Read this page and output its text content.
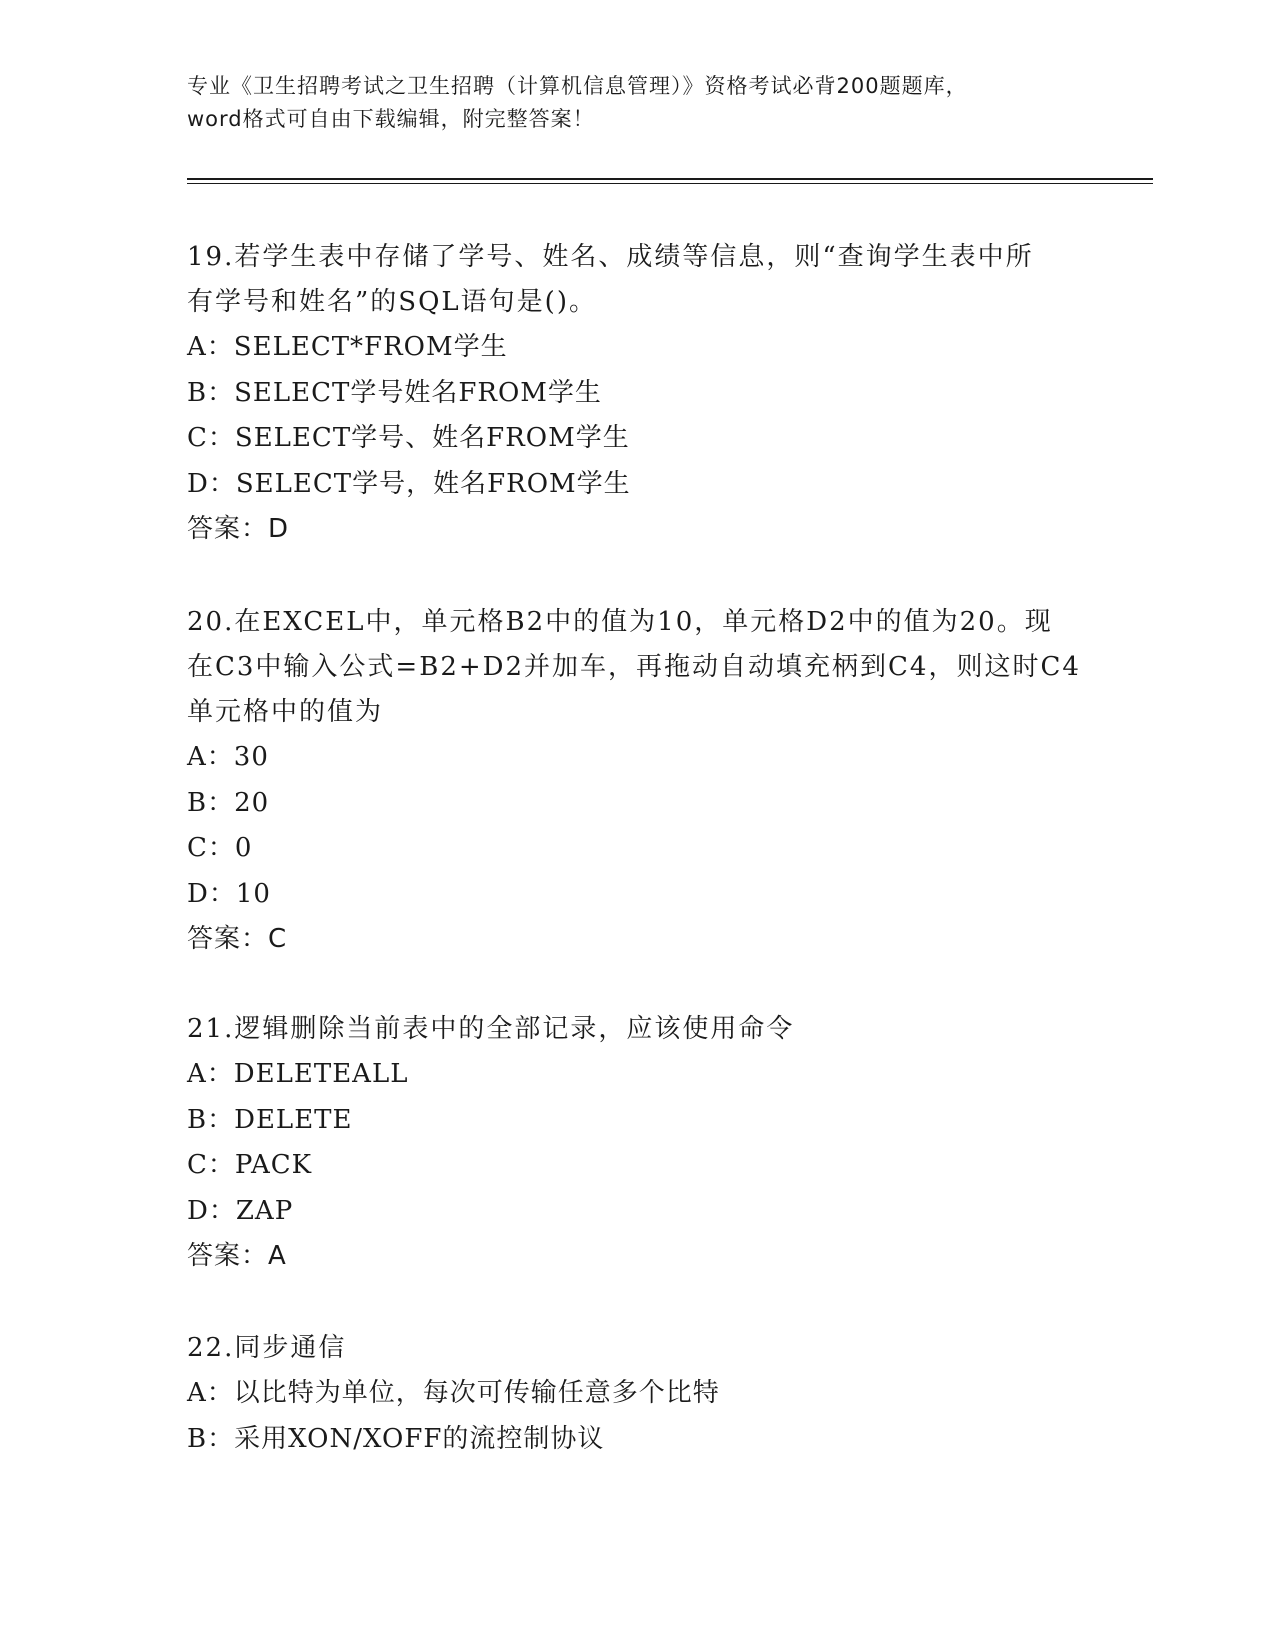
专业《卫生招聘考试之卫生招聘（计算机信息管理）》资格考试必背200题题库，
word格式可自由下载编辑，附完整答案！
19.若学生表中存储了学号、姓名、成绩等信息，则“查询学生表中所
有学号和姓名”的SQL语句是()。
A：SELECT*FROM学生
B：SELECT学号姓名FROM学生
C：SELECT学号、姓名FROM学生
D：SELECT学号，姓名FROM学生
答案：D
20.在EXCEL中，单元格B2中的值为10，单元格D2中的值为20。现
在C3中输入公式=B2+D2并加车，再拖动自动填充柄到C4，则这时C4
单元格中的值为
A：30
B：20
C：0
D：10
答案：C
21.逻辑删除当前表中的全部记录，应该使用命令
A：DELETEALL
B：DELETE
C：PACK
D：ZAP
答案：A
22.同步通信
A：以比特为单位，每次可传输任意多个比特
B：采用XON/XOFF的流控制协议
